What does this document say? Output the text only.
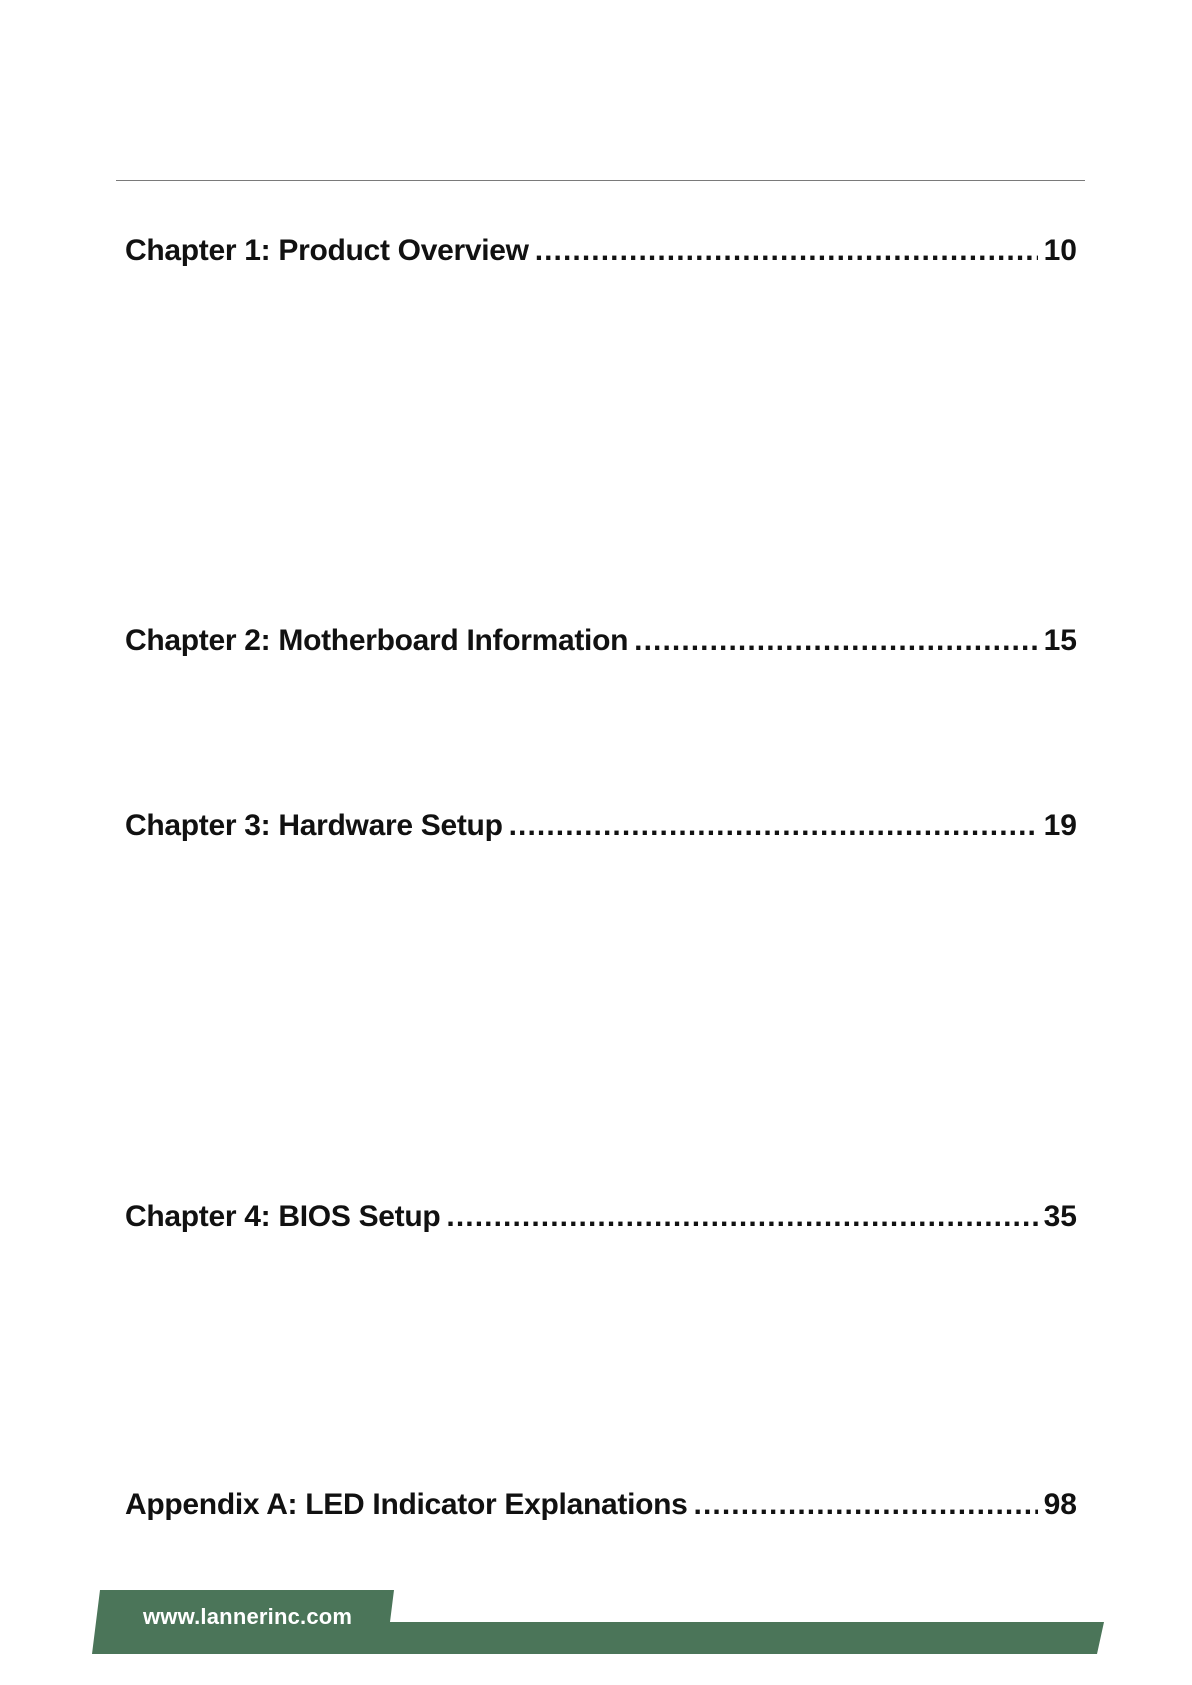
Chapter 1: Product Overview .....	10
Chapter 2: Motherboard Information .....	15
Chapter 3: Hardware Setup .....	19
Chapter 4: BIOS Setup .....	35
Appendix A: LED Indicator Explanations .....	98
www.lannerinc.com
